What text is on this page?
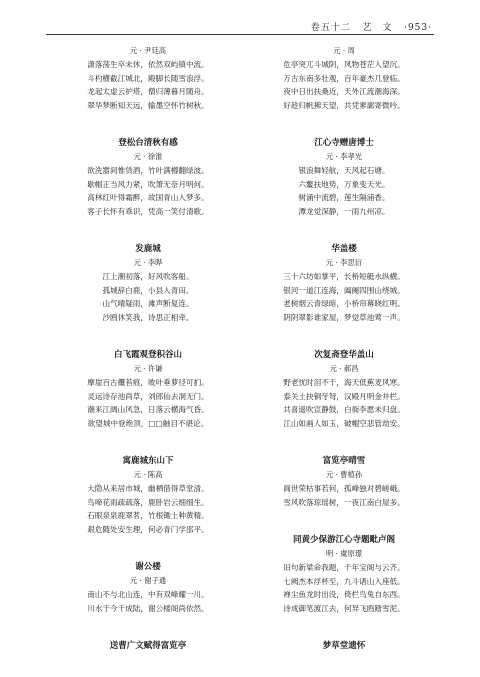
卷五十二 艺　文 ·953·
元 · 尹廷高
潇落荡生卒未休，依然双屿镇中流。
斗杓横截江城北，殿脚长随雪浪浮。
龙起太虚云护塔，僧归薄暮月随舟。
翠华梦断知天远，输墨空怀竹树秋。
登松台清秋有感
元 · 徐淮
欲洗嚣间惟赁酒，竹叶满樽翻绿波。
歇帽正当风力紧，吹箫无奈月明何。
高林红叶得霜醉，故国青山入梦多。
客子长怀有乖识，凭高一笑付清歌。
发鹿城
元 · 李晔
江上潮初落，好风吹客船。
孤城辞白鹿，小县入青田。
山气晴疑雨，滩声断复连。
沙鸥休笑我，诗思正相牵。
白飞霞观登积谷山
元 · 许谦
摩崖百古纜苔痕，败叶垂萝径可扪。
灵运诗存池尚草，刘郎仙去洞无门。
潮来江阔山风急，日落云横海气昏。
欲望城中登绝顶，□□触目不堪论。
寓鹿城东山下
元 · 陈高
大隐从来居市城，幽栖借得草堂清。
鸟啼花雨疏疏落，鹿卧岩云细细生。
石眼泉泉鹿翠茗，竹根锄土种黄精。
艰危随处安生理，何必青门学邵平。
谢公楼
元 · 谢子通
南山不与北山连，中有双峰耀一川。
川水于今千成陆，谢公楼阁尚依然。
送曹广文赋得富览亭
元 · 周
危亭突兀斗城阴，风物苍茫入望沉。
万古东南多壮观，百年豪杰几登临。
夜中日出扶桑近，天外江流潮海深。
好趁归帆拂天望，共凭寥廓寄微吟。
江心寺赠唐博士
元 · 李孝光
银浪舞轻航，天风起石塘。
六鳌扶地势，万象变天光。
树涌中流碧，莲生隔浦香。
潭龙觉深静，一雨九州凉。
华盖楼
元 · 李思衍
三十六坊如掌平，长桥短艇水纵横。
银河一道江连海，阖阓四围山绕城。
老树烟云青绿暗，小桥帘幕晓红明。
阴阴翠影谁家屋，梦觉草池莺一声。
次复斋登华盖山
元 · 郝昌
野老忧时泪不干，海天低蕉麦风寒。
泰关土抉铜牙弩，汉殿月明金井栏。
共喜遥吹宣静鼓，白衙李愿未归盘。
江山如画人如玉，破帽空悲管劫安。
富览亭晴雪
元 · 曹植孙
阆世荣枯事若何，孤峰独对碧嵯峨。
雪风吹落琼瑶树，一夜江南白屋多。
同黄少保游江心寺题毗卢阁
明 · 虞原璟
旧句新梁命我题，千年宝阁与云齐。
七阙杰本浮杯至，九斗诸山入座低。
禅尘鱼龙时出没，倚栏鸟兔自东西。
诗成御笔渡江去，何异飞鸥踏雪泥。
梦草堂遗怀
